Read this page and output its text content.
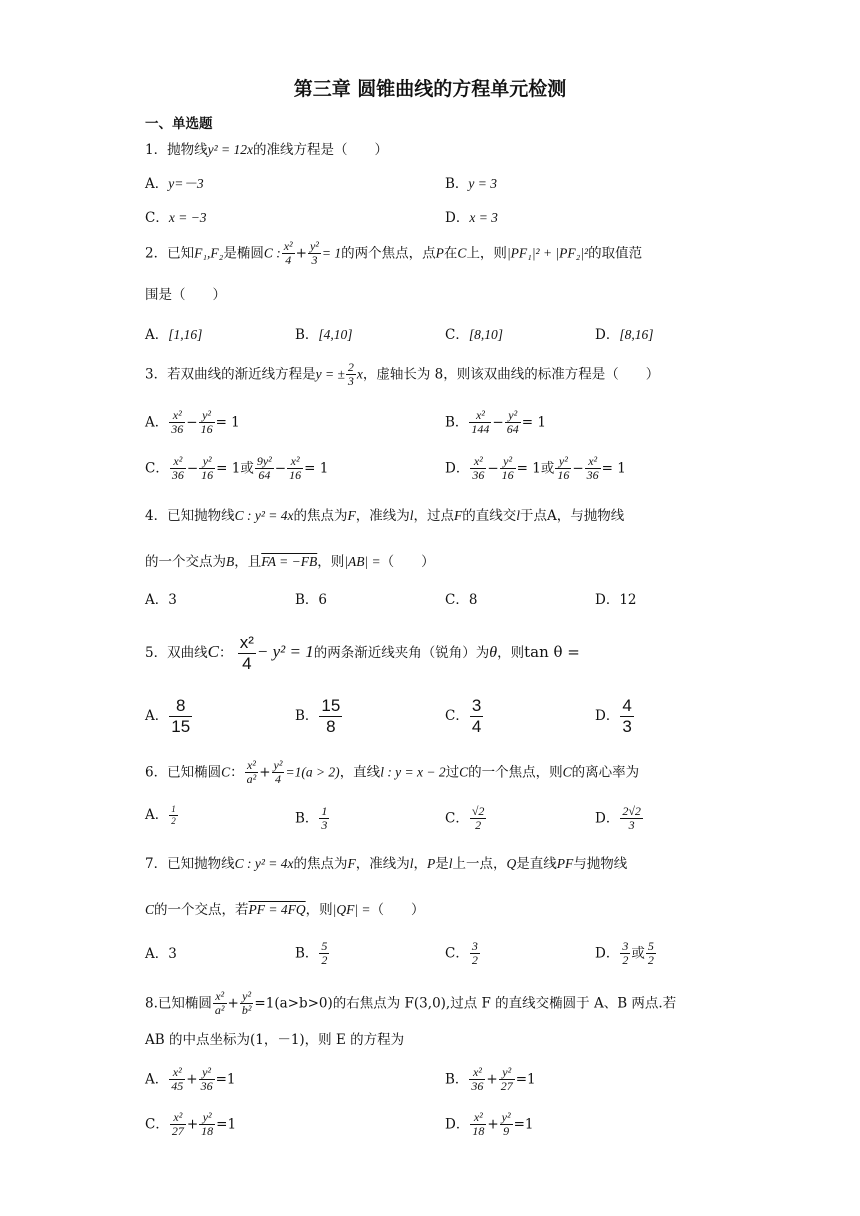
第三章 圆锥曲线的方程单元检测
一、单选题
1．抛物线y² = 12x的准线方程是（　　）
A．y=－3	B．y = 3
C．x = −3	D．x = 3
2．已知F₁,F₂是椭圆C : $\frac{\text{x²}}{4} + \frac{\text{y²}}{3} = 1$的两个焦点，点P在C上，则|PF₁|² + |PF₂|²的取值范
围是（　　）
A．[1,16]	B．[4,10]	C．[8,10]	D．[8,16]
3．若双曲线的渐近线方程是y = ± $\frac{2}{3}$ x，虚轴长为 8，则该双曲线的标准方程是（　　）
A． $\frac{\text{x²}}{36} - \frac{\text{y²}}{16} = 1$	B． $\frac{\text{x²}}{144} - \frac{\text{y²}}{64} = 1$
C． $\frac{\text{x²}}{36} - \frac{\text{y²}}{16} = 1$或 $\frac{\text{9y²}}{64} - \frac{\text{x²}}{16} = 1$	D． $\frac{\text{x²}}{36} - \frac{\text{y²}}{16} = 1$或 $\frac{\text{y²}}{16} - \frac{\text{x²}}{36} = 1$
4．已知抛物线C : y² = 4x的焦点为F，准线为l，过点F的直线交l于点A，与抛物线
的一个交点为B，且FA = −FB，则|AB| =（　　）
A．3	B．6	C．8	D．12
5．双曲线C： $\frac{\text{x²}}{4} - y^2 = 1$的两条渐近线夹角（锐角）为θ，则tan θ =
A． $\frac{8}{15}$	B． $\frac{15}{8}$	C． $\frac{3}{4}$	D． $\frac{4}{3}$
6．已知椭圆C： $\frac{\text{x²}}{\text{a²}} + \frac{\text{y²}}{4} =1(a > 2)$，直线l : y = x − 2过C的一个焦点，则C的离心率为
A． $\frac{1}{2}$	B． $\frac{1}{3}$	C． $\frac{√2}{2}$	D． $\frac{2√2}{3}$
7．已知抛物线C : y² = 4x的焦点为F，准线为l，P是l上一点，Q是直线PF与抛物线
C的一个交点，若PF = 4FQ，则|QF| =（　　）
A．3	B． $\frac{5}{2}$	C． $\frac{3}{2}$	D． $\frac{3}{2}$ 或 $\frac{5}{2}$
8.已知椭圆 $\frac{\text{x²}}{\text{a²}} + \frac{\text{y²}}{\text{b²}} =1(a>b>0)$的右焦点为 F(3,0),过点 F 的直线交椭圆于 A、B 两点.若
AB 的中点坐标为(1，－1)，则 E 的方程为
A． $\frac{\text{x²}}{45} + \frac{\text{y²}}{36} =1$	B． $\frac{\text{x²}}{36} + \frac{\text{y²}}{27} =1$
C． $\frac{\text{x²}}{27} + \frac{\text{y²}}{18} =1$	D． $\frac{\text{x²}}{18} + \frac{\text{y²}}{9} =1$
